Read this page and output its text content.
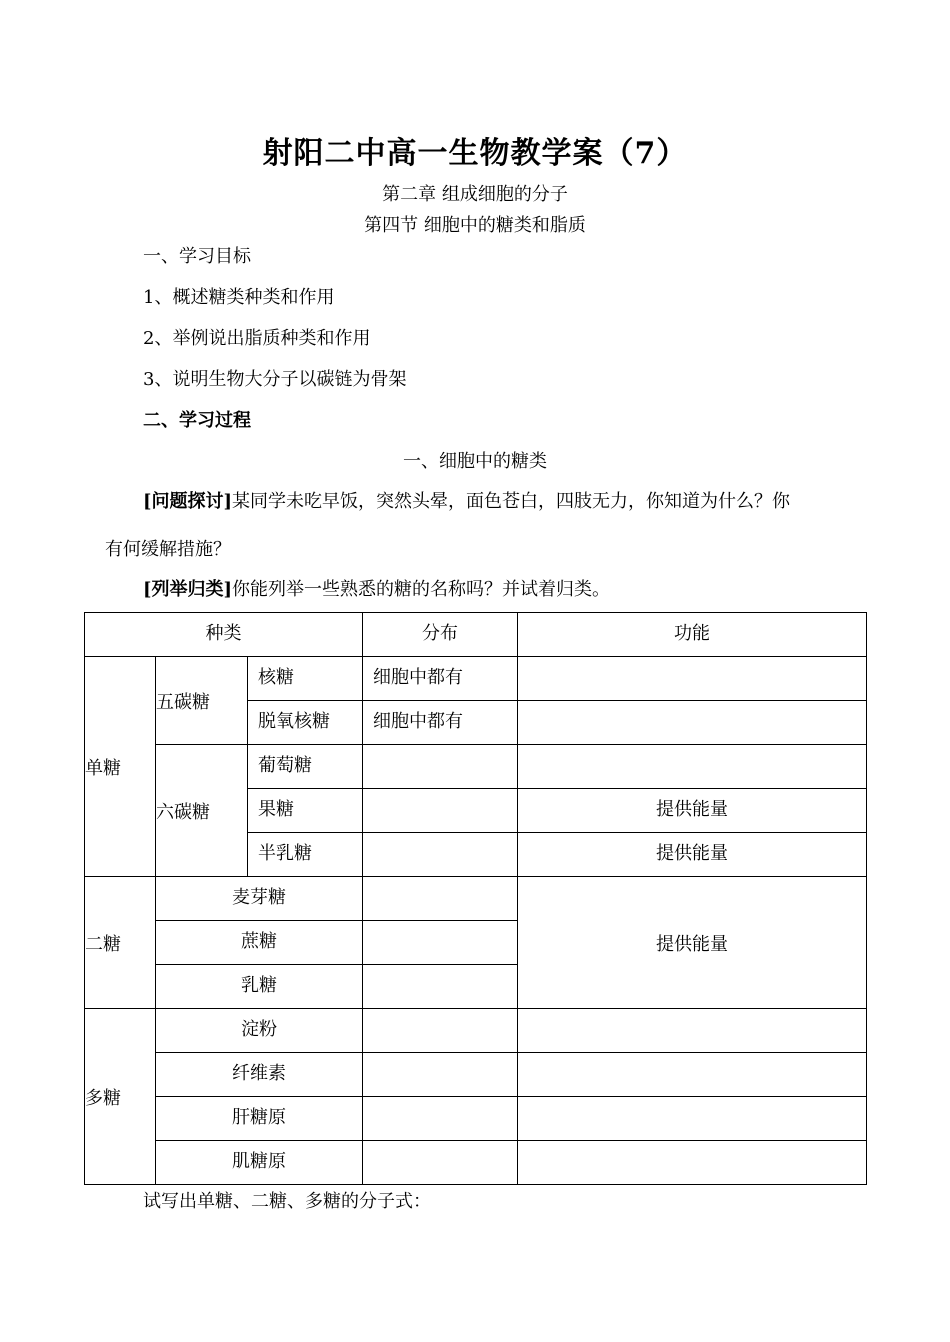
射阳二中高一生物教学案（7）
第二章 组成细胞的分子
第四节 细胞中的糖类和脂质
一、学习目标
1、概述糖类种类和作用
2、举例说出脂质种类和作用
3、说明生物大分子以碳链为骨架
二、学习过程
一、细胞中的糖类
[问题探讨]某同学未吃早饭，突然头晕，面色苍白，四肢无力，你知道为什么？你
有何缓解措施？
[列举归类]你能列举一些熟悉的糖的名称吗？并试着归类。
种类			分布	功能

单糖	五碳糖	核糖	细胞中都有	

		脱氧核糖	细胞中都有	

	六碳糖	葡萄糖		

		果糖		提供能量

		半乳糖		提供能量

二糖	麦芽糖			提供能量

	蔗糖			

	乳糖			

多糖	淀粉			

	纤维素			

	肝糖原			

	肌糖原			

试写出单糖、二糖、多糖的分子式：
